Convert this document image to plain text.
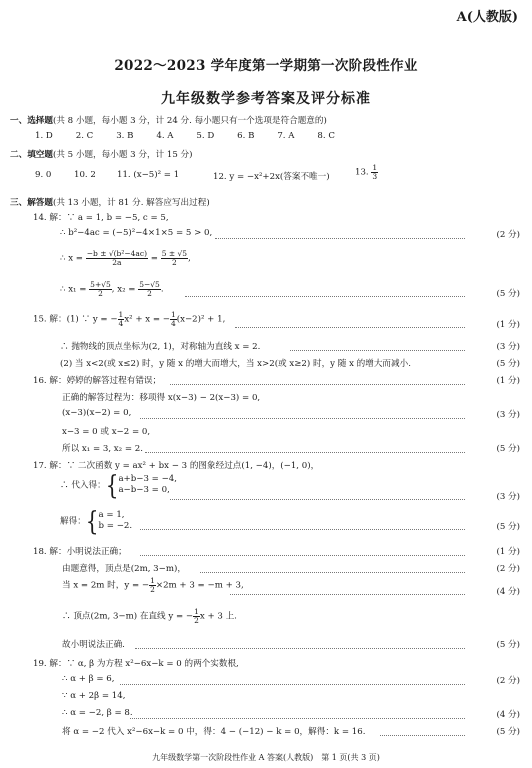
A(人教版)
2022～2023 学年度第一学期第一次阶段性作业
九年级数学参考答案及评分标准
一、选择题(共 8 小题，每小题 3 分，计 24 分. 每小题只有一个选项是符合题意的)
1. D	2. C	3. B	4. A	5. D	6. B	7. A	8. C
二、填空题(共 5 小题，每小题 3 分，计 15 分)
9. 0	10. 2 11. (x−5)² = 1	12. y = −x²+2x(答案不唯一)	13. $\frac{1}{3}$
三、解答题(共 13 小题，计 81 分. 解答应写出过程)
14. 解：∵ a = 1, b = −5, c = 5,
∴ b²−4ac = (−5)²−4×1×5 = 5 > 0,	(2 分)
∴ $x = \frac{\text{−b ± √(b²−4ac)}}{2a} = \frac{5 \pm √5}{2}$ ,
∴ $x_1 = \frac{5+√5}{2}$ , $x_2 = \frac{5-√5}{2}$ .	(5 分)
15. 解：(1) ∵ y = − $\frac{1}{4} x^2 + x$ = − $\frac{1}{4} (x-2)^2 + 1$,
(1 分)
∴ 抛物线的顶点坐标为(2, 1)，对称轴为直线 x = 2.	(3 分)
(2) 当 x<2(或 x≤2) 时，y 随 x 的增大而增大，当 x>2(或 x≥2) 时，y 随 x 的增大而减小.	(5 分)
16. 解：婷婷的解答过程有错误；	(1 分)
正确的解答过程为：移项得 x(x−3) − 2(x−3) = 0,
(x−3)(x−2) = 0,	(3 分)
x−3 = 0 或 x−2 = 0,
所以 x₁ = 3, x₂ = 2.	(5 分)
17. 解：∵ 二次函数 y = ax² + bx − 3 的图象经过点(1, −4)，(−1, 0)，
∴ 代入得：{ a+b−3 = −4,
a−b−3 = 0,
(3 分)
解得：{ a = 1,
b = −2.	(5 分)
18. 解：小明说法正确；	(1 分)
由题意得，顶点是(2m, 3−m)，	(2 分)
当 x = 2m 时，y = − $\frac{1}{2} \times 2m + 3 = -m + 3$,
(4 分)
∴ 顶点(2m, 3−m) 在直线 y = − $\frac{1}{2}$ x + 3 上.
故小明说法正确.	(5 分)
19. 解：∵ α, β 为方程 x²−6x−k = 0 的两个实数根,
∴ α + β = 6,	(2 分)
∵ α + 2β = 14,
∴ α = −2, β = 8.	(4 分)
将 α = −2 代入 x²−6x−k = 0 中，得：4 − (−12) − k = 0，解得：k = 16.	(5 分)
九年级数学第一次阶段性作业 A 答案(人教版)　第 1 页(共 3 页)
